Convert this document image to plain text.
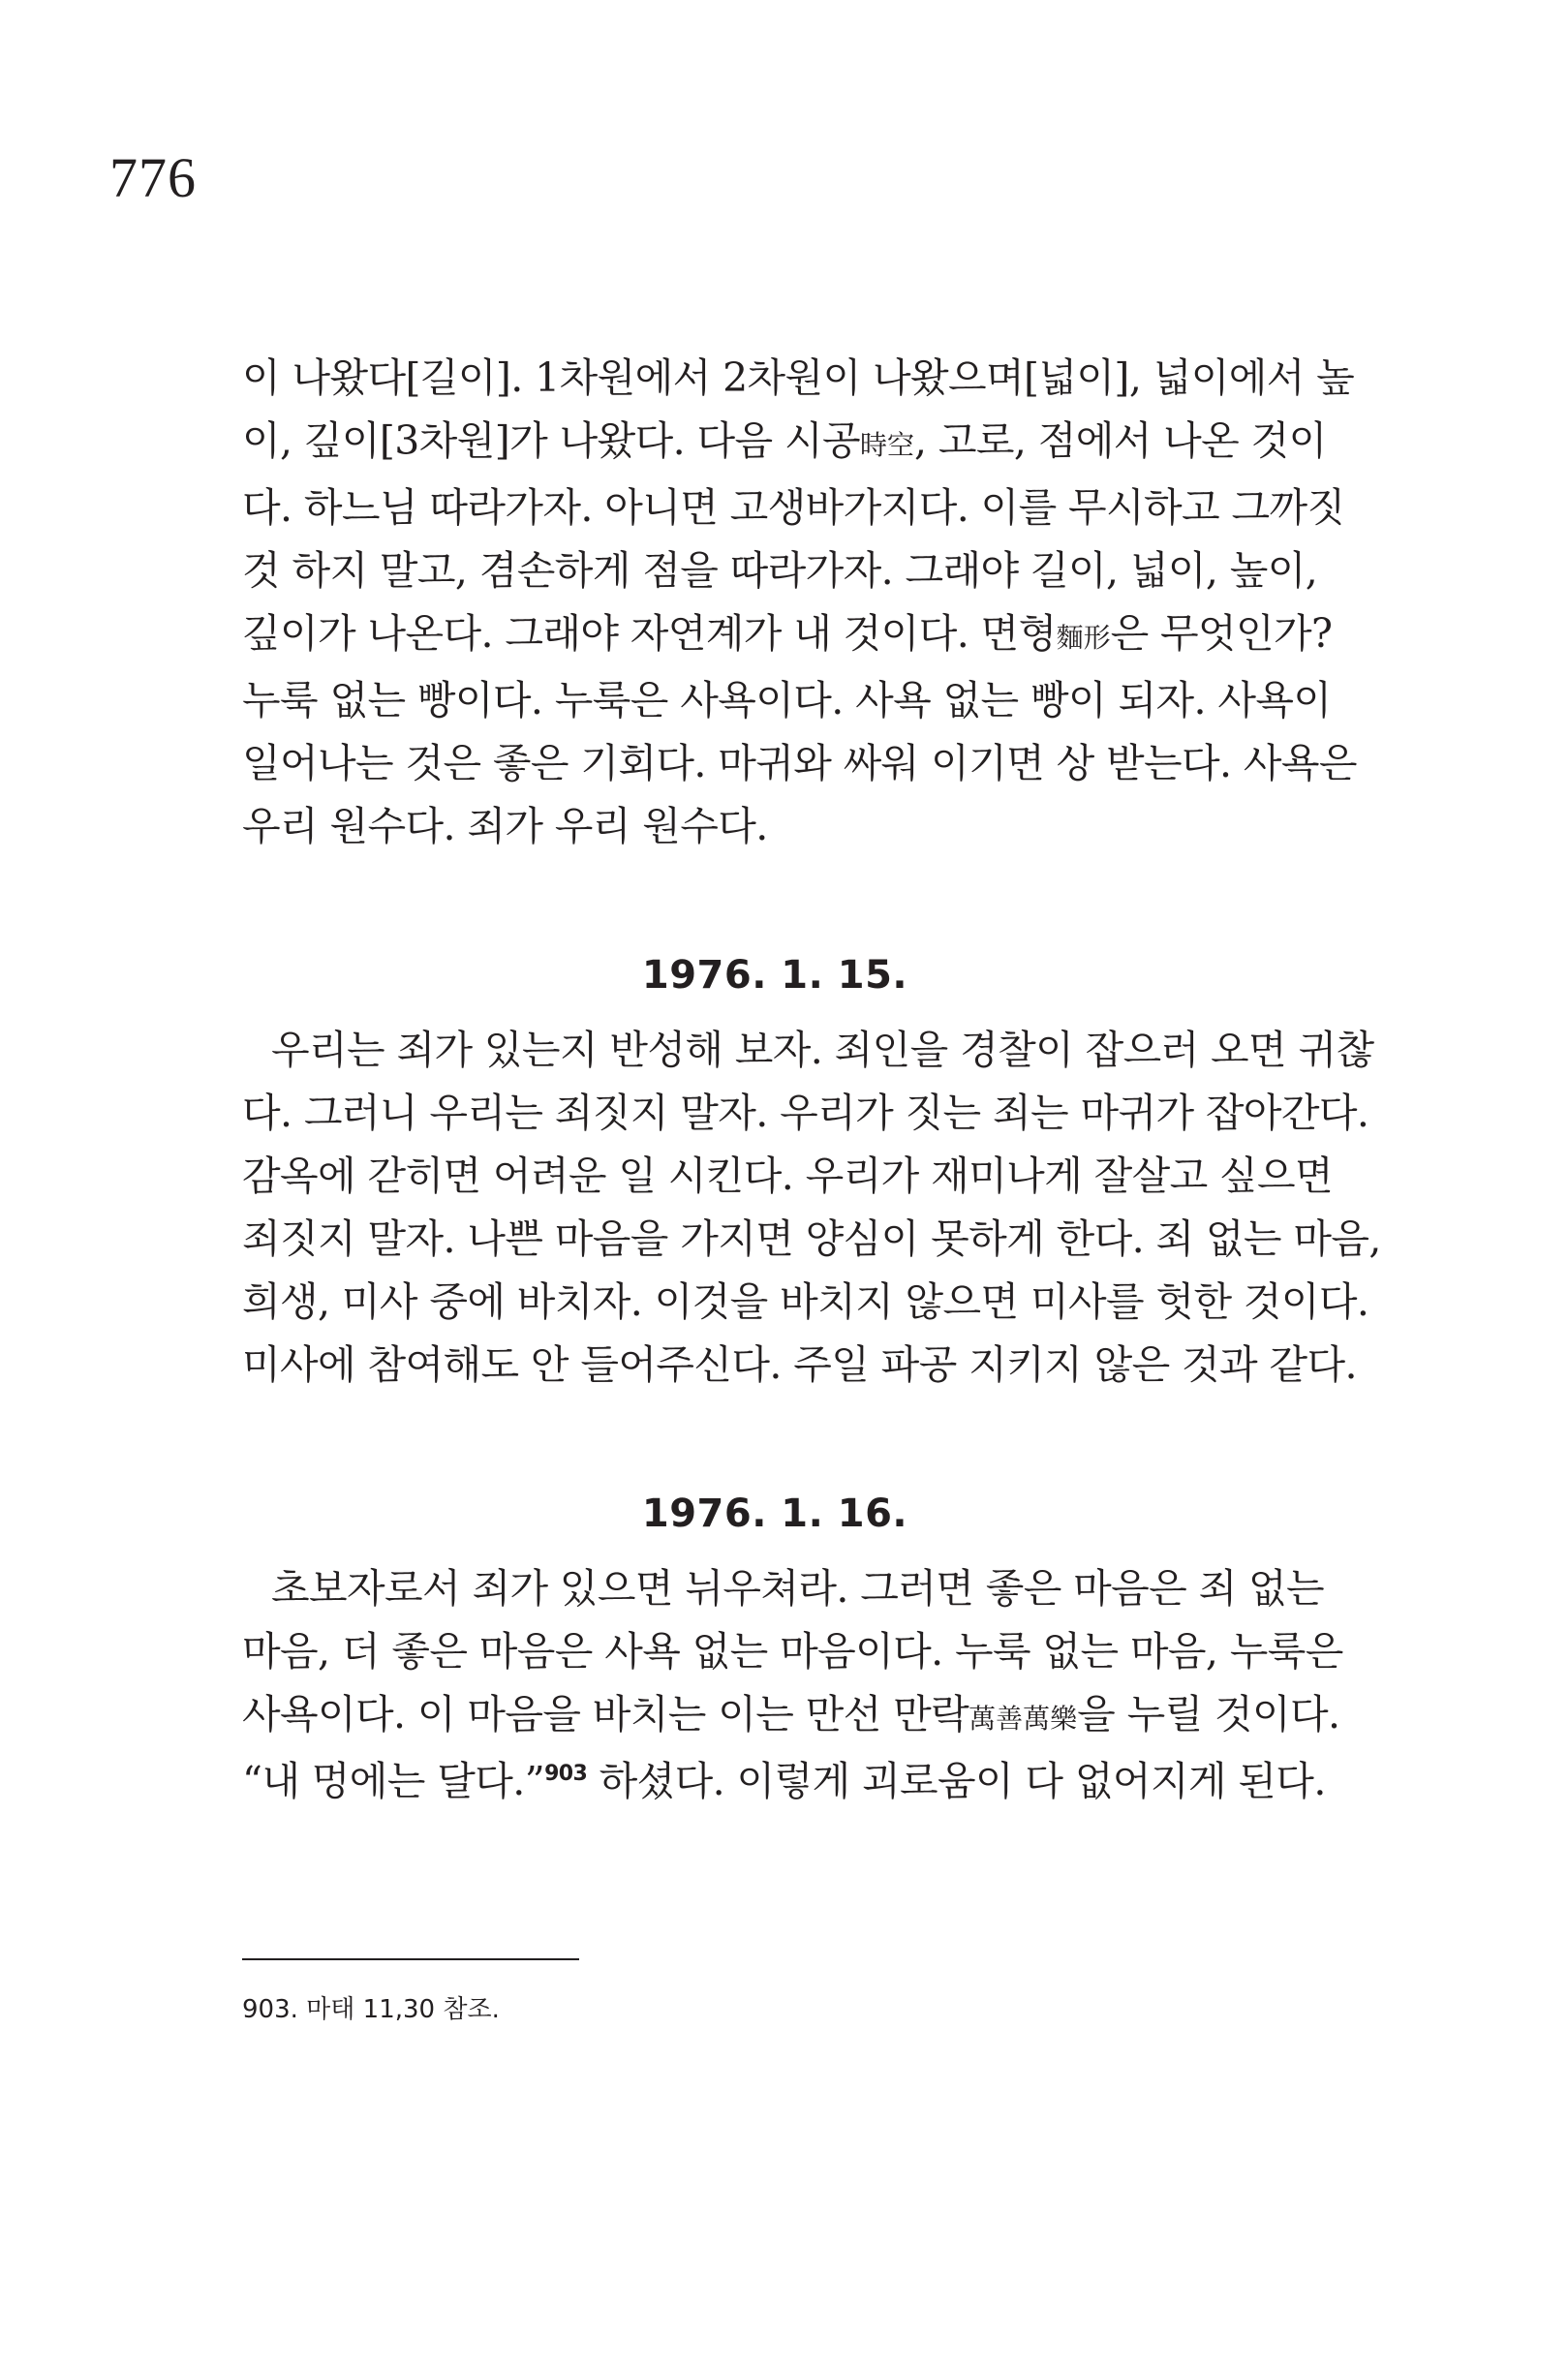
776

이 나왔다[길이]. 1차원에서 2차원이 나왔으며[넓이], 넓이에서 높
이, 깊이[3차원]가 나왔다. 다음 시공時空, 고로, 점에서 나온 것이
다. 하느님 따라가자. 아니면 고생바가지다. 이를 무시하고 그까짓
것 하지 말고, 겸손하게 점을 따라가자. 그래야 길이, 넓이, 높이,
깊이가 나온다. 그래야 자연계가 내 것이다. 면형麵形은 무엇인가?
누룩 없는 빵이다. 누룩은 사욕이다. 사욕 없는 빵이 되자. 사욕이
일어나는 것은 좋은 기회다. 마귀와 싸워 이기면 상 받는다. 사욕은
우리 원수다. 죄가 우리 원수다.

1976. 1. 15.

우리는 죄가 있는지 반성해 보자. 죄인을 경찰이 잡으러 오면 귀찮
다. 그러니 우리는 죄짓지 말자. 우리가 짓는 죄는 마귀가 잡아간다.
감옥에 갇히면 어려운 일 시킨다. 우리가 재미나게 잘살고 싶으면
죄짓지 말자. 나쁜 마음을 가지면 양심이 못하게 한다. 죄 없는 마음,
희생, 미사 중에 바치자. 이것을 바치지 않으면 미사를 헛한 것이다.
미사에 참여해도 안 들어주신다. 주일 파공 지키지 않은 것과 같다.

1976. 1. 16.

초보자로서 죄가 있으면 뉘우쳐라. 그러면 좋은 마음은 죄 없는
마음, 더 좋은 마음은 사욕 없는 마음이다. 누룩 없는 마음, 누룩은
사욕이다. 이 마음을 바치는 이는 만선 만락萬善萬樂을 누릴 것이다.
“내 멍에는 달다.”$^{903}$ 하셨다. 이렇게 괴로움이 다 없어지게 된다.

903. 마태 11,30 참조.
